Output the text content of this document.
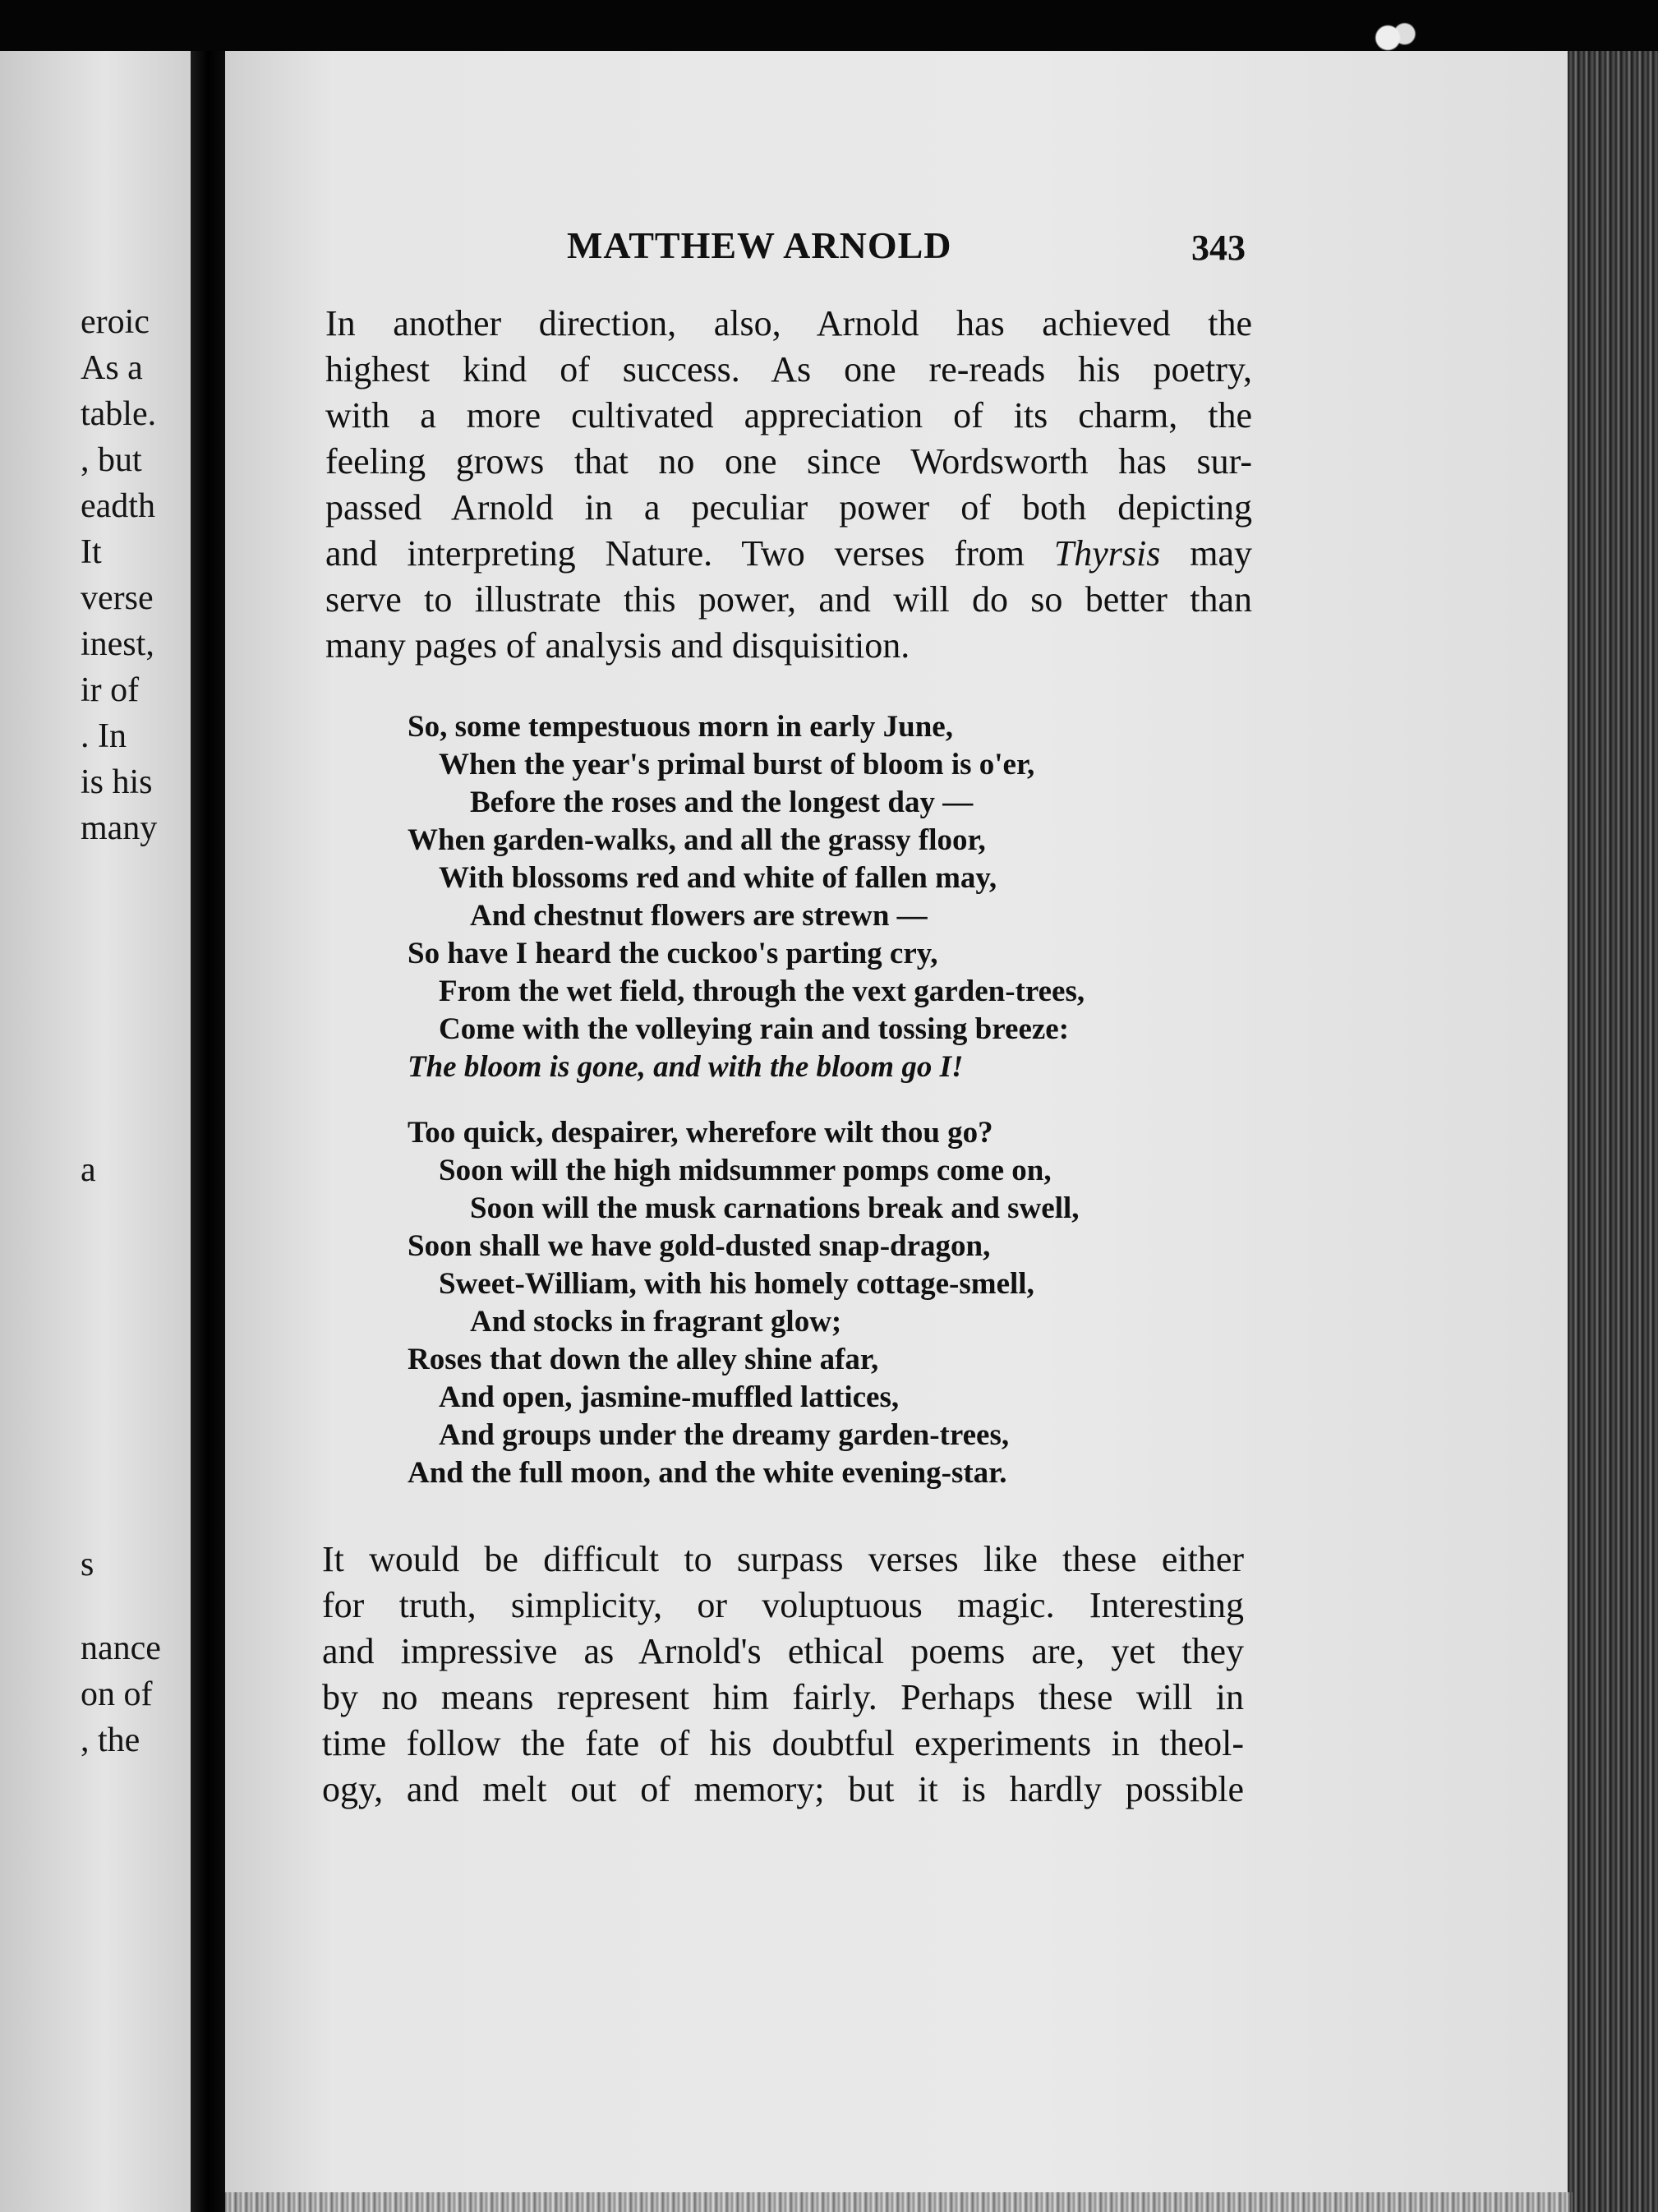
eroic
As a
table.
, but
eadth
It
verse
inest,
ir of
. In
is his
many
a
s
nance
on of
, the
MATTHEW ARNOLD	343
In another direction, also, Arnold has achieved the
highest kind of success. As one re-reads his poetry,
with a more cultivated appreciation of its charm, the
feeling grows that no one since Wordsworth has sur-
passed Arnold in a peculiar power of both depicting
and interpreting Nature. Two verses from Thyrsis may
serve to illustrate this power, and will do so better than
many pages of analysis and disquisition.
So, some tempestuous morn in early June,
When the year's primal burst of bloom is o'er,
Before the roses and the longest day —
When garden-walks, and all the grassy floor,
With blossoms red and white of fallen may,
And chestnut flowers are strewn —
So have I heard the cuckoo's parting cry,
From the wet field, through the vext garden-trees,
Come with the volleying rain and tossing breeze:
The bloom is gone, and with the bloom go I!
Too quick, despairer, wherefore wilt thou go?
Soon will the high midsummer pomps come on,
Soon will the musk carnations break and swell,
Soon shall we have gold-dusted snap-dragon,
Sweet-William, with his homely cottage-smell,
And stocks in fragrant glow;
Roses that down the alley shine afar,
And open, jasmine-muffled lattices,
And groups under the dreamy garden-trees,
And the full moon, and the white evening-star.
It would be difficult to surpass verses like these either
for truth, simplicity, or voluptuous magic. Interesting
and impressive as Arnold's ethical poems are, yet they
by no means represent him fairly. Perhaps these will in
time follow the fate of his doubtful experiments in theol-
ogy, and melt out of memory; but it is hardly possible
